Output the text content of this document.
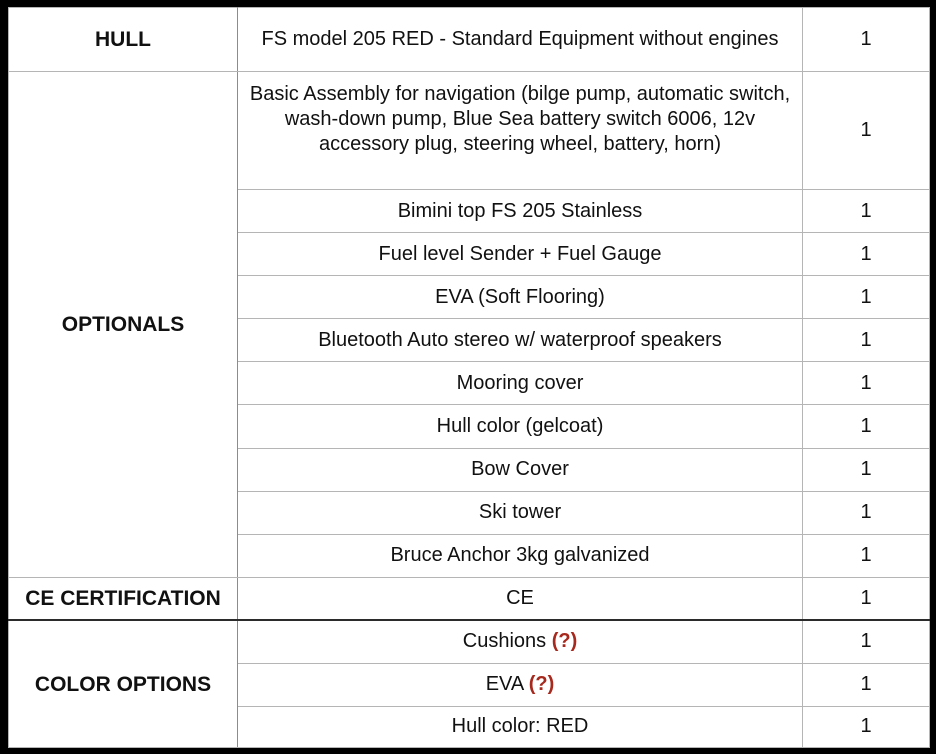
HULL	FS model 205 RED - Standard Equipment without engines	1
OPTIONALS	Basic Assembly for navigation (bilge pump, automatic switch, wash-down pump, Blue Sea battery switch 6006, 12v accessory plug, steering wheel, battery, horn)	1
	Bimini top FS 205 Stainless	1
	Fuel level Sender + Fuel Gauge	1
	EVA (Soft Flooring)	1
	Bluetooth Auto stereo w/ waterproof speakers	1
	Mooring cover	1
	Hull color (gelcoat)	1
	Bow Cover	1
	Ski tower	1
	Bruce Anchor 3kg galvanized	1
CE CERTIFICATION	CE	1
COLOR OPTIONS	Cushions (?)	1
	EVA (?)	1
	Hull color: RED	1
